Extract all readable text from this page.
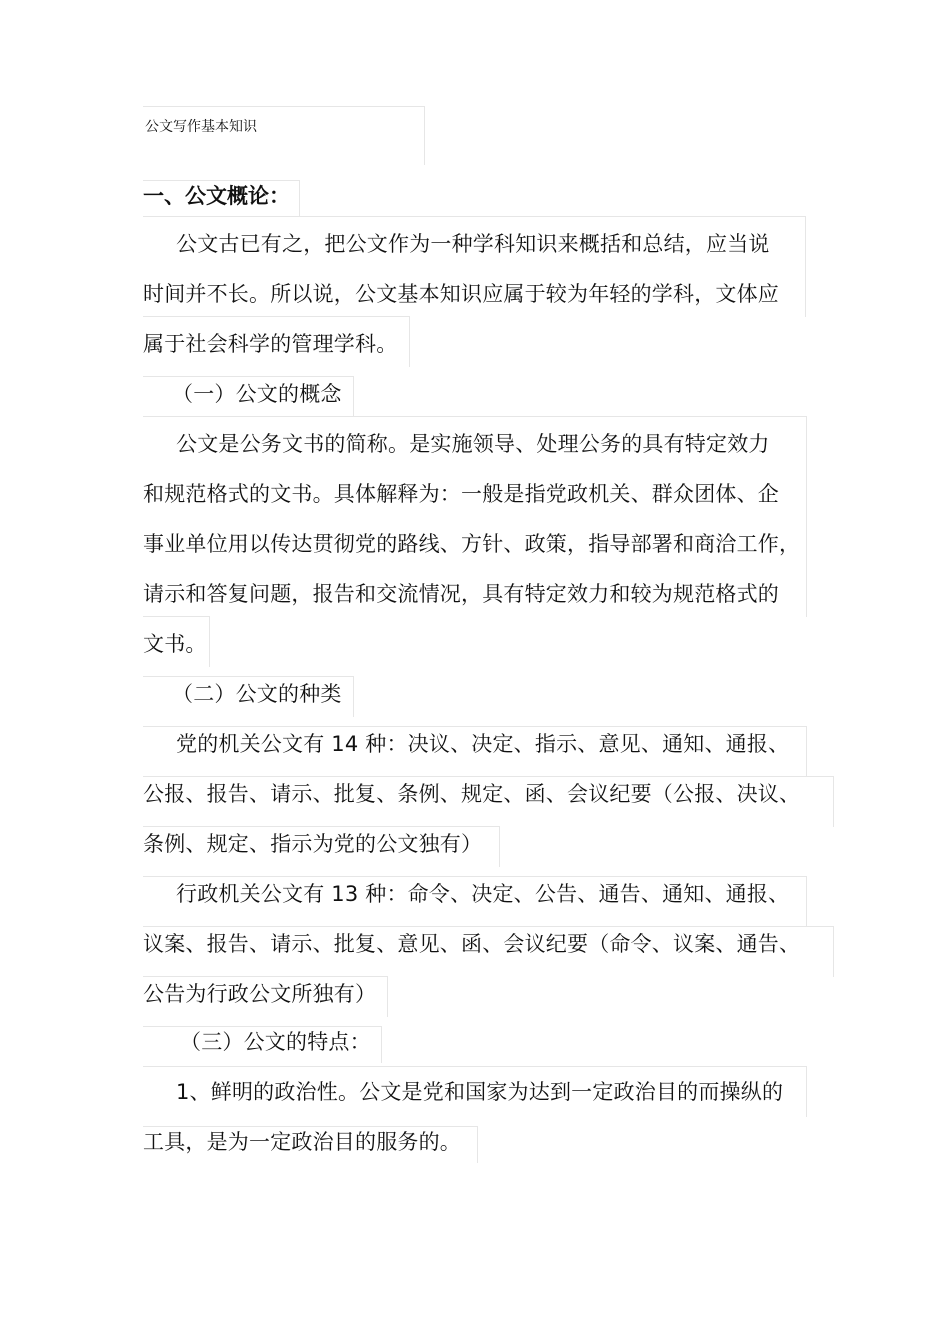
公文写作基本知识
一、公文概论：
公文古已有之，把公文作为一种学科知识来概括和总结，应当说
时间并不长。所以说，公文基本知识应属于较为年轻的学科，文体应
属于社会科学的管理学科。
（一）公文的概念
公文是公务文书的简称。是实施领导、处理公务的具有特定效力
和规范格式的文书。具体解释为：一般是指党政机关、群众团体、企
事业单位用以传达贯彻党的路线、方针、政策，指导部署和商洽工作，
请示和答复问题，报告和交流情况，具有特定效力和较为规范格式的
文书。
（二）公文的种类
党的机关公文有 14 种：决议、决定、指示、意见、通知、通报、
公报、报告、请示、批复、条例、规定、函、会议纪要（公报、决议、
条例、规定、指示为党的公文独有）
行政机关公文有 13 种：命令、决定、公告、通告、通知、通报、
议案、报告、请示、批复、意见、函、会议纪要（命令、议案、通告、
公告为行政公文所独有）
（三）公文的特点：
1、鲜明的政治性。公文是党和国家为达到一定政治目的而操纵的
工具，是为一定政治目的服务的。
